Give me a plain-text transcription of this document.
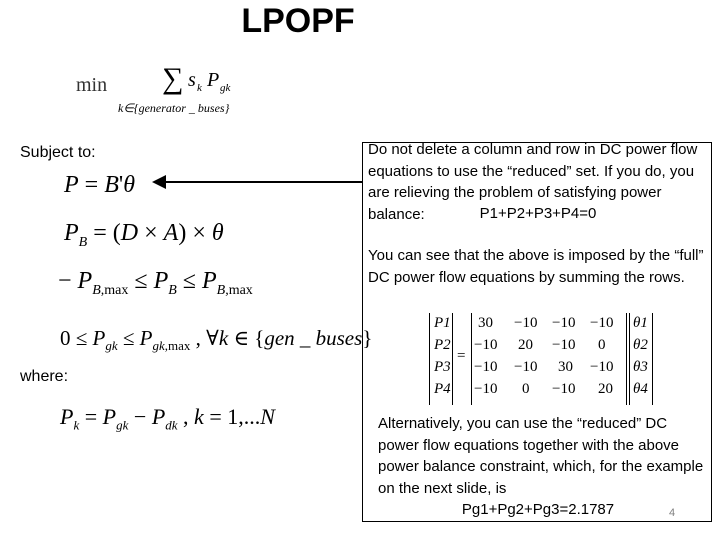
LPOPF
min ∑ s k P gk
k∈{generator _ buses}
Subject to:
where:
P = B'θ
$P_B = (D \times A) \times \theta$
− $P_{B,max} \le P_B \le P_{B,max}$
$0 \le P_{gk} \le P_{gk,max}$ , ∀k ∈ {gen _ buses}
$P_k = P_{gk} - P_{dk}$ , k = 1,...N
Do not delete a column and row in DC power flow equations to use the “reduced” set. If you do, you are relieving the problem of satisfying power balance:	P1+P2+P3+P4=0
You can see that the above is imposed by the “full” DC power flow equations by summing the rows.
P1
P2
P3
P4
=
30 −10 −10 −10
−10 20 −10 0
−10 −10 30 −10
−10 0 −10 20
θ1
θ2
θ3
θ4
Alternatively, you can use the “reduced” DC power flow equations together with the above power balance constraint, which, for the example on the next slide, is
Pg1+Pg2+Pg3=2.1787	4
